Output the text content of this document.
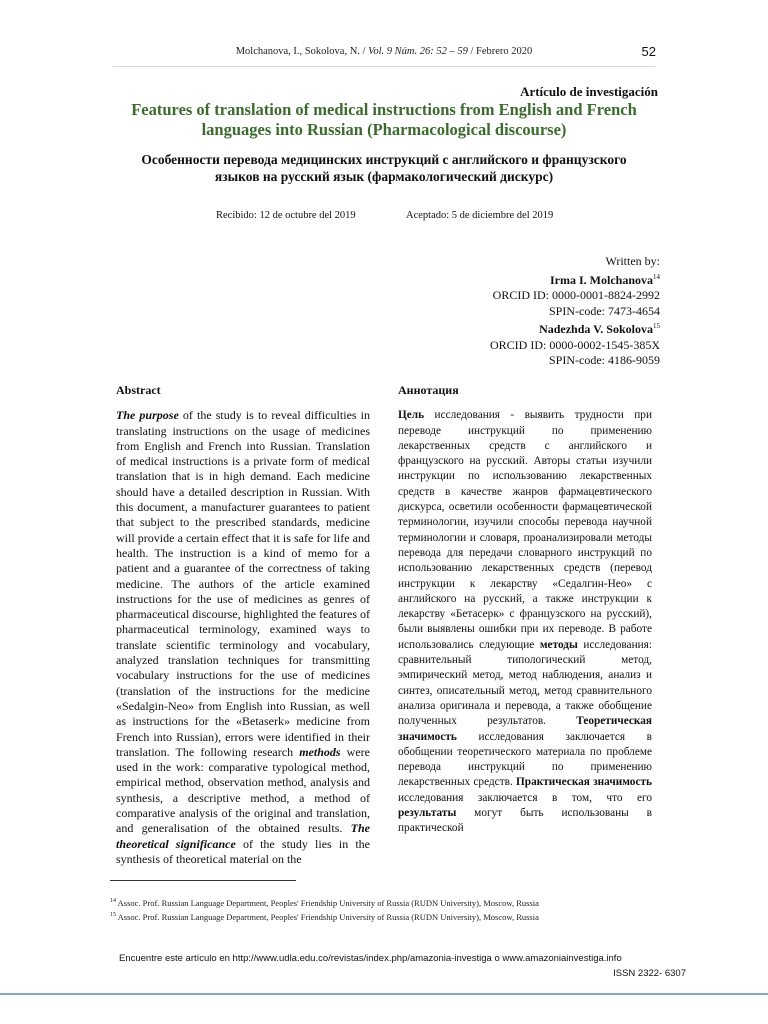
Molchanova, I., Sokolova, N. / Vol. 9 Núm. 26: 52 – 59 / Febrero 2020	52
Artículo de investigación
Features of translation of medical instructions from English and French
languages into Russian (Pharmacological discourse)
Особенности перевода медицинских инструкций с английского и французского
языков на русский язык (фармакологический дискурс)
Recibido: 12 de octubre del 2019	Aceptado: 5 de diciembre del 2019
Written by:
Irma I. Molchanova$^{14}$
ORCID ID: 0000-0001-8824-2992
SPIN-code: 7473-4654
Nadezhda V. Sokolova$^{15}$
ORCID ID: 0000-0002-1545-385X
SPIN-code: 4186-9059
Abstract

The purpose of the study is to reveal difficulties in translating instructions on the usage of medicines from English and French into Russian. Translation of medical instructions is a private form of medical translation that is in high demand. Each medicine should have a detailed description in Russian. With this document, a manufacturer guarantees to patient that subject to the prescribed standards, medicine will provide a certain effect that it is safe for life and health. The instruction is a kind of memo for a patient and a guarantee of the correctness of taking medicine. The authors of the article examined instructions for the use of medicines as genres of pharmaceutical discourse, highlighted the features of pharmaceutical terminology, examined ways to translate scientific terminology and vocabulary, analyzed translation techniques for transmitting vocabulary instructions for the use of medicines (translation of the instructions for the medicine «Sedalgin-Neo» from English into Russian, as well as instructions for the «Betaserk» medicine from French into Russian), errors were identified in their translation. The following research methods were used in the work: comparative typological method, empirical method, observation method, analysis and synthesis, a descriptive method, a method of comparative analysis of the original and translation, and generalisation of the obtained results. The theoretical significance of the study lies in the synthesis of theoretical material on the

Аннотация

Цель исследования - выявить трудности при переводе инструкций по применению лекарственных средств с английского и французского на русский. Авторы статьи изучили инструкции по использованию лекарственных средств в качестве жанров фармацевтического дискурса, осветили особенности фармацевтической терминологии, изучили способы перевода научной терминологии и словаря, проанализировали методы перевода для передачи словарного инструкций по использованию лекарственных средств (перевод инструкции к лекарству «Седалгин-Нео» с английского на русский, а также инструкции к лекарству «Бетасерк» с французского на русский), были выявлены ошибки при их переводе. В работе использовались следующие методы исследования: сравнительный типологический метод, эмпирический метод, метод наблюдения, анализ и синтез, описательный метод, метод сравнительного анализа оригинала и перевода, а также обобщение полученных результатов. Теоретическая значимость исследования заключается в обобщении теоретического материала по проблеме перевода инструкций по применению лекарственных средств. Практическая значимость исследования заключается в том, что его результаты могут быть использованы в практической

$^{14}$ Assoc. Prof. Russian Language Department, Peoples' Friendship University of Russia (RUDN University), Moscow, Russia
$^{15}$ Assoc. Prof. Russian Language Department, Peoples' Friendship University of Russia (RUDN University), Moscow, Russia
Encuentre este artículo en http://www.udla.edu.co/revistas/index.php/amazonia-investiga o www.amazoniainvestiga.info
ISSN 2322- 6307
